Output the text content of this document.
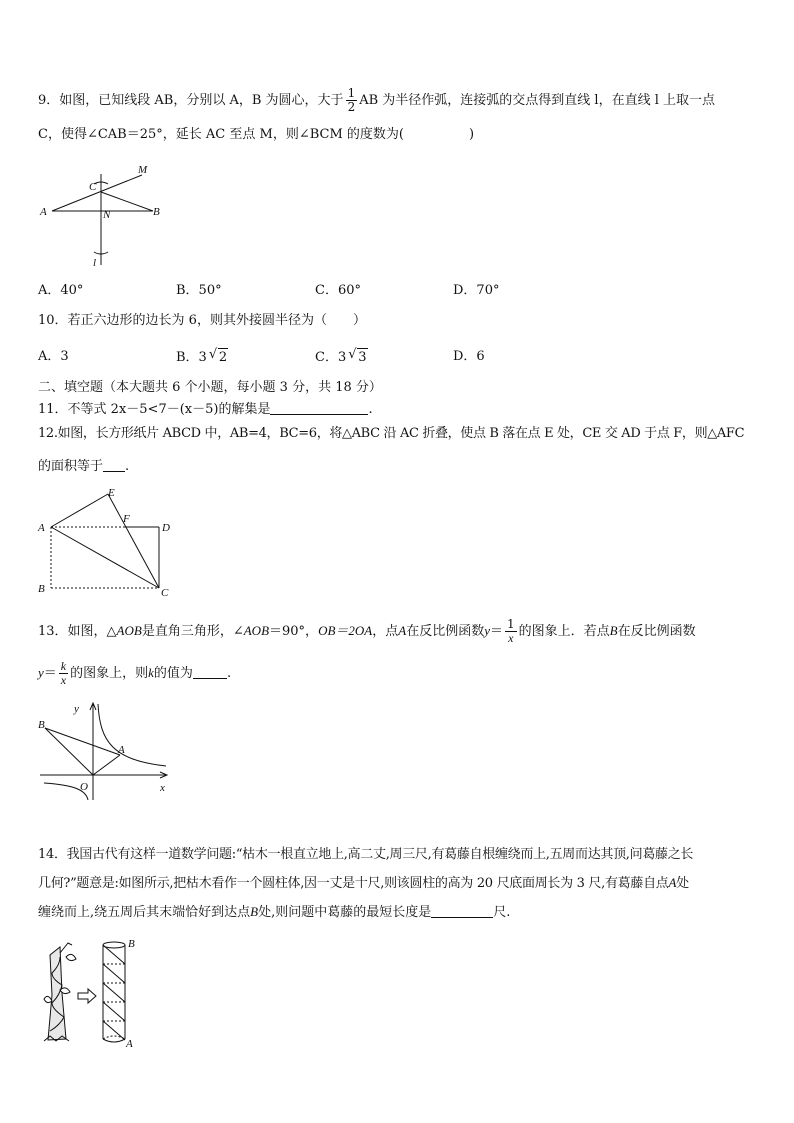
9．如图，已知线段 AB，分别以 A，B 为圆心，大于 $\frac{1}{2}$ AB 为半径作弧，连接弧的交点得到直线 l，在直线 l 上取一点
C，使得∠CAB＝25°，延长 AC 至点 M，则∠BCM 的度数为(　　　　　)
M
C
A	N	B
l
A．40°	B．50°	C．60°	D．70°
10．若正六边形的边长为 6，则其外接圆半径为（　　）
A．3	B．3 √ 2	C．3 √ 3	D．6
二、填空题（本大题共 6 个小题，每小题 3 分，共 18 分）
11．不等式 2x－5<7－(x－5)的解集是	.
12.如图，长方形纸片 ABCD 中，AB=4，BC=6，将△ABC 沿 AC 折叠，使点 B 落在点 E 处，CE 交 AD 于点 F，则△AFC
的面积等于 .
E
F
A	D
B	C
13．如图，△AOB是直角三角形，∠AOB＝90°，OB＝2OA，点A在反比例函数$y= \frac{1}{x}$ 的图象上．若点B在反比例函数
$y= \frac{k}{x}$ 的图象上，则k的值为	.
B
y
A
O	x
14．我国古代有这样一道数学问题:“枯木一根直立地上,高二丈,周三尺,有葛藤自根缠绕而上,五周而达其顶,问葛藤之长
几何?”题意是:如图所示,把枯木看作一个圆柱体,因一丈是十尺,则该圆柱的高为 20 尺底面周长为 3 尺,有葛藤自点A处
缠绕而上,绕五周后其末端恰好到达点B处,则问题中葛藤的最短长度是	尺.
B
A
